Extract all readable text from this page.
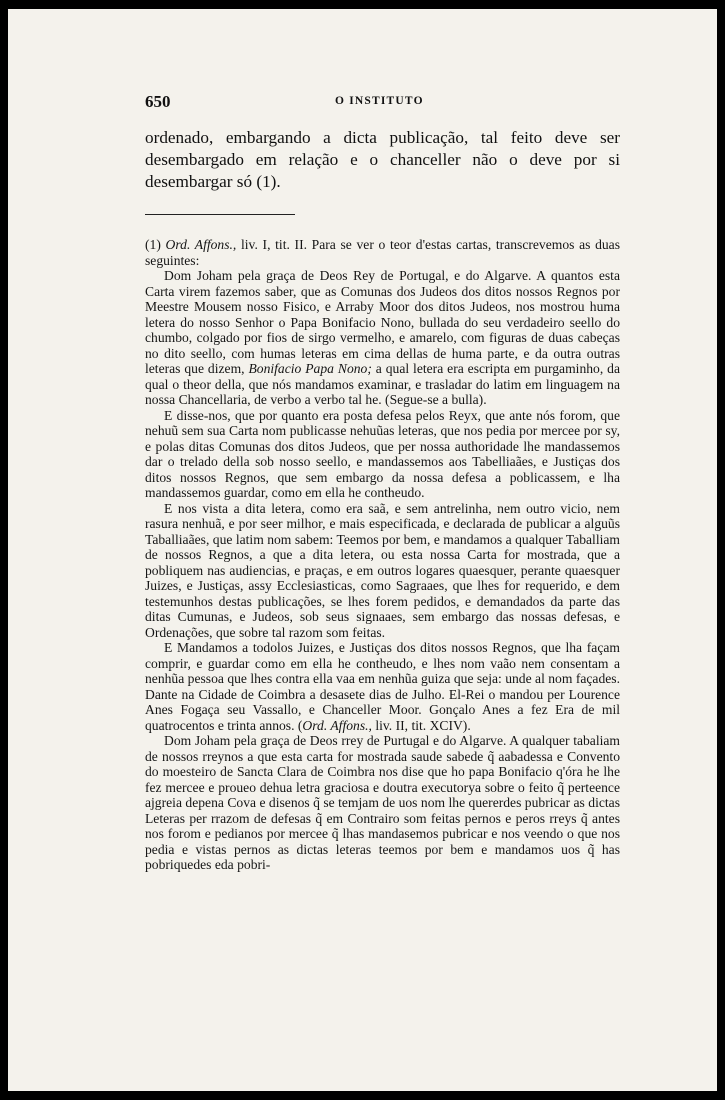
650	O INSTITUTO

ordenado, embargando a dicta publicação, tal feito deve ser desembargado em relação e o chanceller não o deve por si desembargar só (1).

(1) Ord. Affons., liv. I, tit. II. Para se ver o teor d'estas cartas, transcrevemos as duas seguintes:

Dom Joham pela graça de Deos Rey de Portugal, e do Algarve. A quantos esta Carta virem fazemos saber, que as Comunas dos Judeos dos ditos nossos Regnos por Meestre Mousem nosso Fisico, e Arraby Moor dos ditos Judeos, nos mostrou huma letera do nosso Senhor o Papa Bonifacio Nono, bullada do seu verdadeiro seello do chumbo, colgado por fios de sirgo vermelho, e amarelo, com figuras de duas cabeças no dito seello, com humas leteras em cima dellas de huma parte, e da outra outras leteras que dizem, Bonifacio Papa Nono; a qual letera era escripta em purgaminho, da qual o theor della, que nós mandamos examinar, e trasladar do latim em linguagem na nossa Chancellaria, de verbo a verbo tal he. (Segue-se a bulla).

E disse-nos, que por quanto era posta defesa pelos Reyx, que ante nós forom, que nehuũ sem sua Carta nom publicasse nehuũas leteras, que nos pedia por mercee por sy, e polas ditas Comunas dos ditos Judeos, que per nossa authoridade lhe mandassemos dar o trelado della sob nosso seello, e mandassemos aos Tabelliaães, e Justiças dos ditos nossos Regnos, que sem embargo da nossa defesa a poblicassem, e lha mandassemos guardar, como em ella he contheudo.

E nos vista a dita letera, como era saã, e sem antrelinha, nem outro vicio, nem rasura nenhuã, e por seer milhor, e mais especificada, e declarada de publicar a alguũs Taballiaães, que latim nom sabem: Teemos por bem, e mandamos a qualquer Taballiam de nossos Regnos, a que a dita letera, ou esta nossa Carta for mostrada, que a pobliquem nas audiencias, e praças, e em outros logares quaesquer, perante quaesquer Juizes, e Justiças, assy Ecclesiasticas, como Sagraaes, que lhes for requerido, e dem testemunhos destas publicações, se lhes forem pedidos, e demandados da parte das ditas Cumunas, e Judeos, sob seus signaaes, sem embargo das nossas defesas, e Ordenações, que sobre tal razom som feitas.

E Mandamos a todolos Juizes, e Justiças dos ditos nossos Regnos, que lha façam comprir, e guardar como em ella he contheudo, e lhes nom vaão nem consentam a nenhũa pessoa que lhes contra ella vaa em nenhũa guiza que seja: unde al nom façades. Dante na Cidade de Coimbra a desasete dias de Julho. El-Rei o mandou per Lourence Anes Fogaça seu Vassallo, e Chanceller Moor. Gonçalo Anes a fez Era de mil quatrocentos e trinta annos. (Ord. Affons., liv. II, tit. XCIV).

Dom Joham pela graça de Deos rrey de Purtugal e do Algarve. A qualquer tabaliam de nossos rreynos a que esta carta for mostrada saude sabede q̃ aabadessa e Convento do moesteiro de Sancta Clara de Coimbra nos dise que ho papa Bonifacio q'óra he lhe fez mercee e proueo dehua letra graciosa e doutra executorya sobre o feito q̃ perteence ajgreia depena Cova e disenos q̃ se temjam de uos nom lhe quererdes pubricar as dictas Leteras per rrazom de defesas q̃ em Contrairo som feitas pernos e peros rreys q̃ antes nos forom e pedianos por mercee q̃ lhas mandasemos pubricar e nos veendo o que nos pedia e vistas pernos as dictas leteras teemos por bem e mandamos uos q̃ has pobriquedes eda pobri-
